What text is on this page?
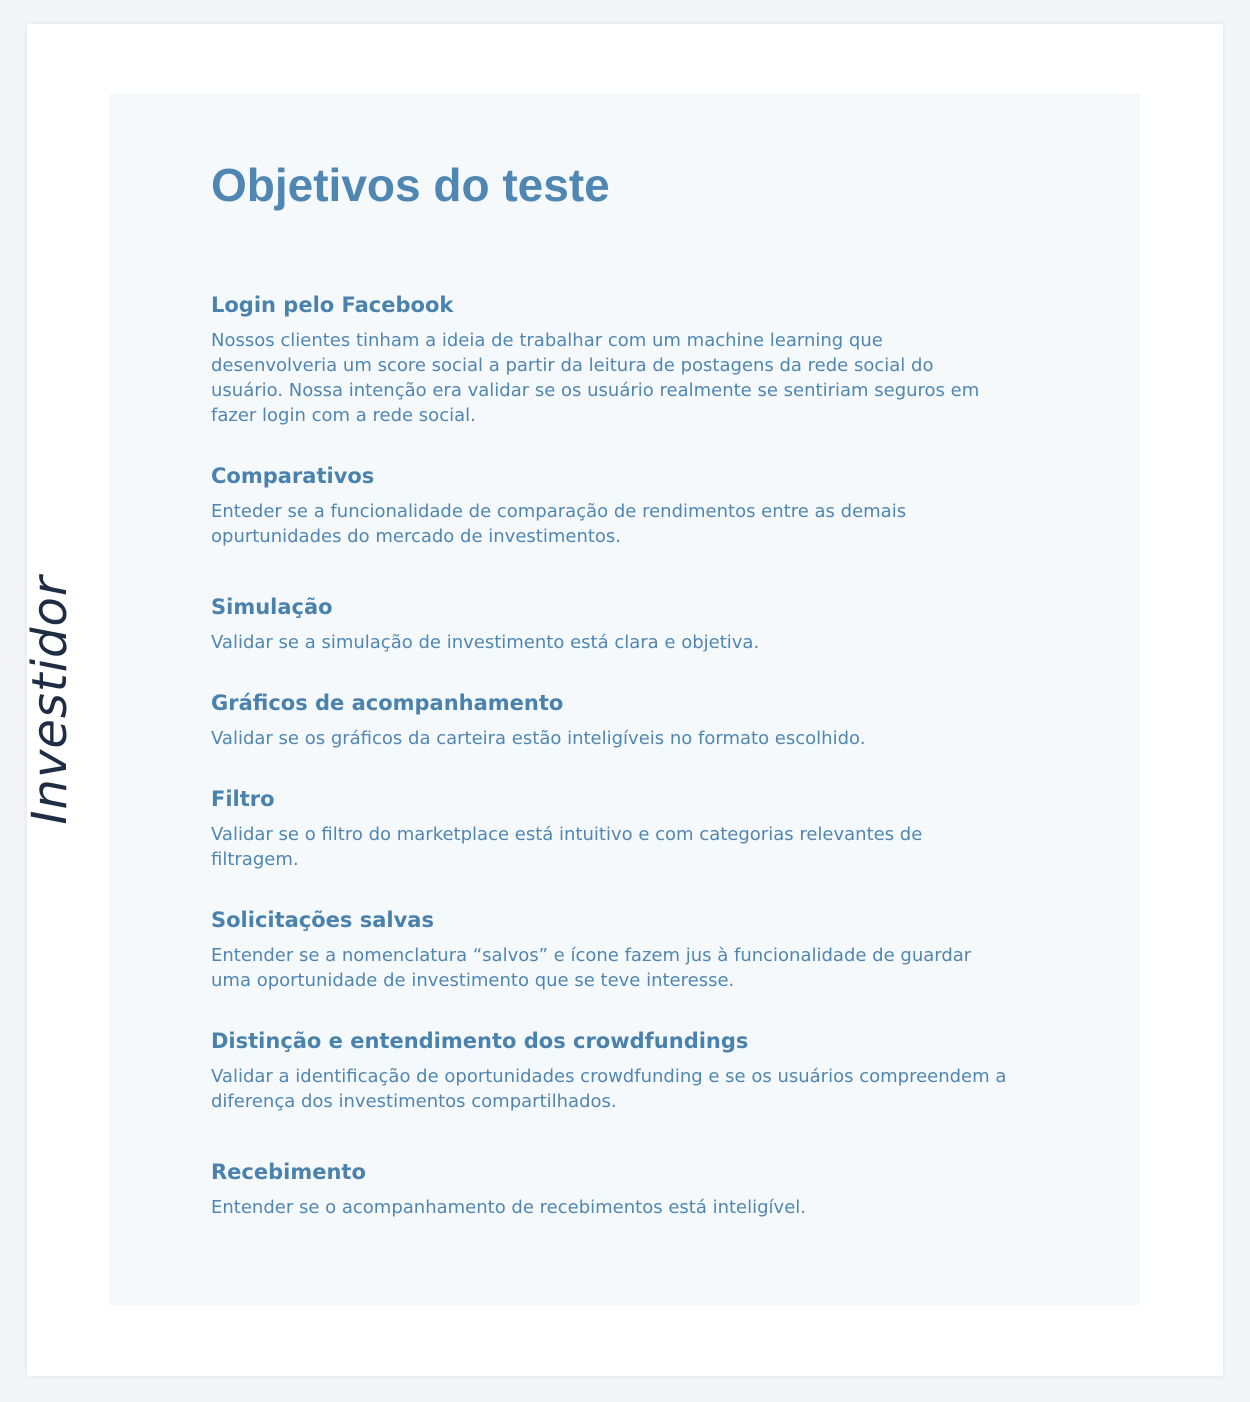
Investidor
Objetivos do teste
Login pelo Facebook

Nossos clientes tinham a ideia de trabalhar com um machine learning que desenvolveria um score social a partir da leitura de postagens da rede social do usuário. Nossa intenção era validar se os usuário realmente se sentiriam seguros em fazer login com a rede social.

Comparativos

Enteder se a funcionalidade de comparação de rendimentos entre as demais opurtunidades do mercado de investimentos.

Simulação

Validar se a simulação de investimento está clara e objetiva.

Gráficos de acompanhamento

Validar se os gráficos da carteira estão inteligíveis no formato escolhido.

Filtro

Validar se o filtro do marketplace está intuitivo e com categorias relevantes de filtragem.

Solicitações salvas

Entender se a nomenclatura “salvos” e ícone fazem jus à funcionalidade de guardar uma oportunidade de investimento que se teve interesse.

Distinção e entendimento dos crowdfundings

Validar a identificação de oportunidades crowdfunding e se os usuários compreendem a diferença dos investimentos compartilhados.

Recebimento

Entender se o acompanhamento de recebimentos está inteligível.
